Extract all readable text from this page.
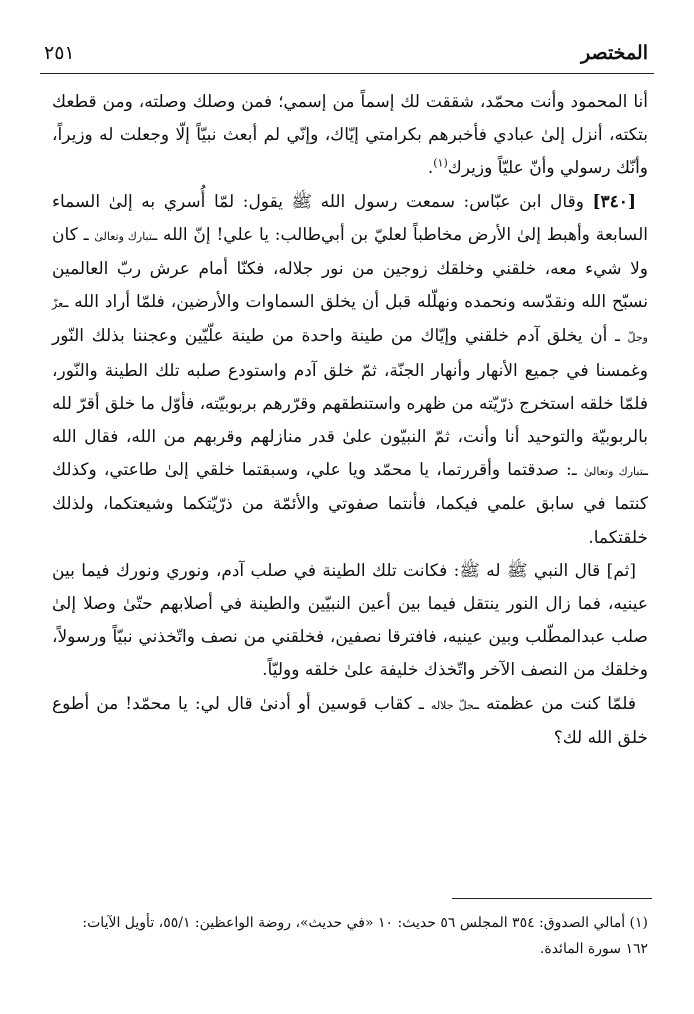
المختصر
٢٥١

أنا المحمود وأنت محمّد، شققت لك إسماً من إسمي؛ فمن وصلك وصلته، ومن قطعك بتكته، أنزل إلىٰ عبادي فأخبرهم بكرامتي إيّاك، وإنّي لم أبعث نبيّاً إلّا وجعلت له وزيراً، وأنّك رسولي وأنّ عليّاً وزيرك$^{(١)}$.

[٣٤٠] وقال ابن عبّاس: سمعت رسول الله ﷺ يقول: لمّا أُسري به إلىٰ السماء السابعة وأهبط إلىٰ الأرض مخاطباً لعليّ بن أبي‌طالب: يا علي! إنّ الله ـتبارك وتعالىٰ ـ كان ولا شيء معه، خلقني وخلقك زوجين من نور جلاله، فكنّا أمام عرش ربّ العالمين نسبّح الله ونقدّسه ونحمده ونهلّله قبل أن يخلق السماوات والأرضين، فلمّا أراد الله ـعزّ وجلّ ـ أن يخلق آدم خلقني وإيّاك من طينة واحدة من طينة علّيّين وعجننا بذلك النّور وغمسنا في جميع الأنهار وأنهار الجنّة، ثمّ خلق آدم واستودع صلبه تلك الطينة والنّور، فلمّا خلقه استخرج ذرّيّته من ظهره واستنطقهم وقرّرهم بربوبيّته، فأوّل ما خلق أقرّ لله بالربوبيّة والتوحيد أنا وأنت، ثمّ النبيّون علىٰ قدر منازلهم وقربهم من الله، فقال الله ـتبارك وتعالىٰ ـ: صدقتما وأقررتما، يا محمّد ويا علي، وسبقتما خلقي إلىٰ طاعتي، وكذلك كنتما في سابق علمي فيكما، فأنتما صفوتي والأئمّة من ذرّيّتكما وشيعتكما، ولذلك خلقتكما.

[ثم] قال النبي ﷺ له ﷺ: فكانت تلك الطينة في صلب آدم، ونوري ونورك فيما بين عينيه، فما زال النور ينتقل فيما بين أعين النبيّين والطينة في أصلابهم حتّىٰ وصلا إلىٰ صلب عبدالمطّلب وبين عينيه، فافترقا نصفين، فخلقني من نصف واتّخذني نبيّاً ورسولاً، وخلقك من النصف الآخر واتّخذك خليفة علىٰ خلقه ووليّاً.

فلمّا كنت من عظمته ـجلّ جلاله ـ كقاب قوسين أو أدنىٰ قال لي: يا محمّد! من أطوع خلق الله لك؟

(١) أمالي الصدوق: ٣٥٤ المجلس ٥٦ حديث: ١٠ «في حديث»، روضة الواعظين: ٥٥/١، تأويل الآيات:
١٦٢ سورة المائدة.
